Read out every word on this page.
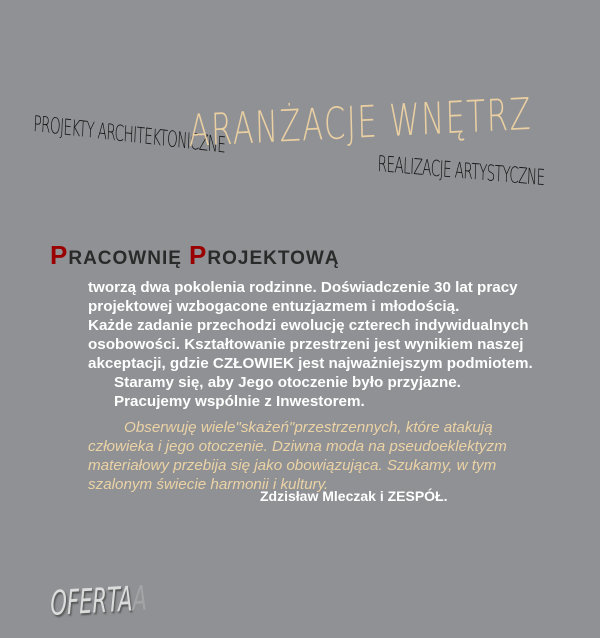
PROJEKTY ARCHITEKTONICZNE
ARANŻACJE WNĘTRZ
REALIZACJE ARTYSTYCZNE
PRACOWNIĘ PROJEKTOWĄ

tworzą dwa pokolenia rodzinne. Doświadczenie 30 lat pracy

projektowej wzbogacone entuzjazmem i młodością.

Każde zadanie przechodzi ewolucję czterech indywidualnych

osobowości. Kształtowanie przestrzeni jest wynikiem naszej

akceptacji, gdzie CZŁOWIEK jest najważniejszym podmiotem.

Staramy się, aby Jego otoczenie było przyjazne.

Pracujemy wspólnie z Inwestorem.

Obserwuję wiele"skażeń"przestrzennych, które atakują

człowieka i jego otoczenie. Dziwna moda na pseudoeklektyzm

materiałowy przebija się jako obowiązująca. Szukamy, w tym

szalonym świecie harmonii i kultury.

Zdzisław Mleczak i ZESPÓŁ.
OFERTAA
